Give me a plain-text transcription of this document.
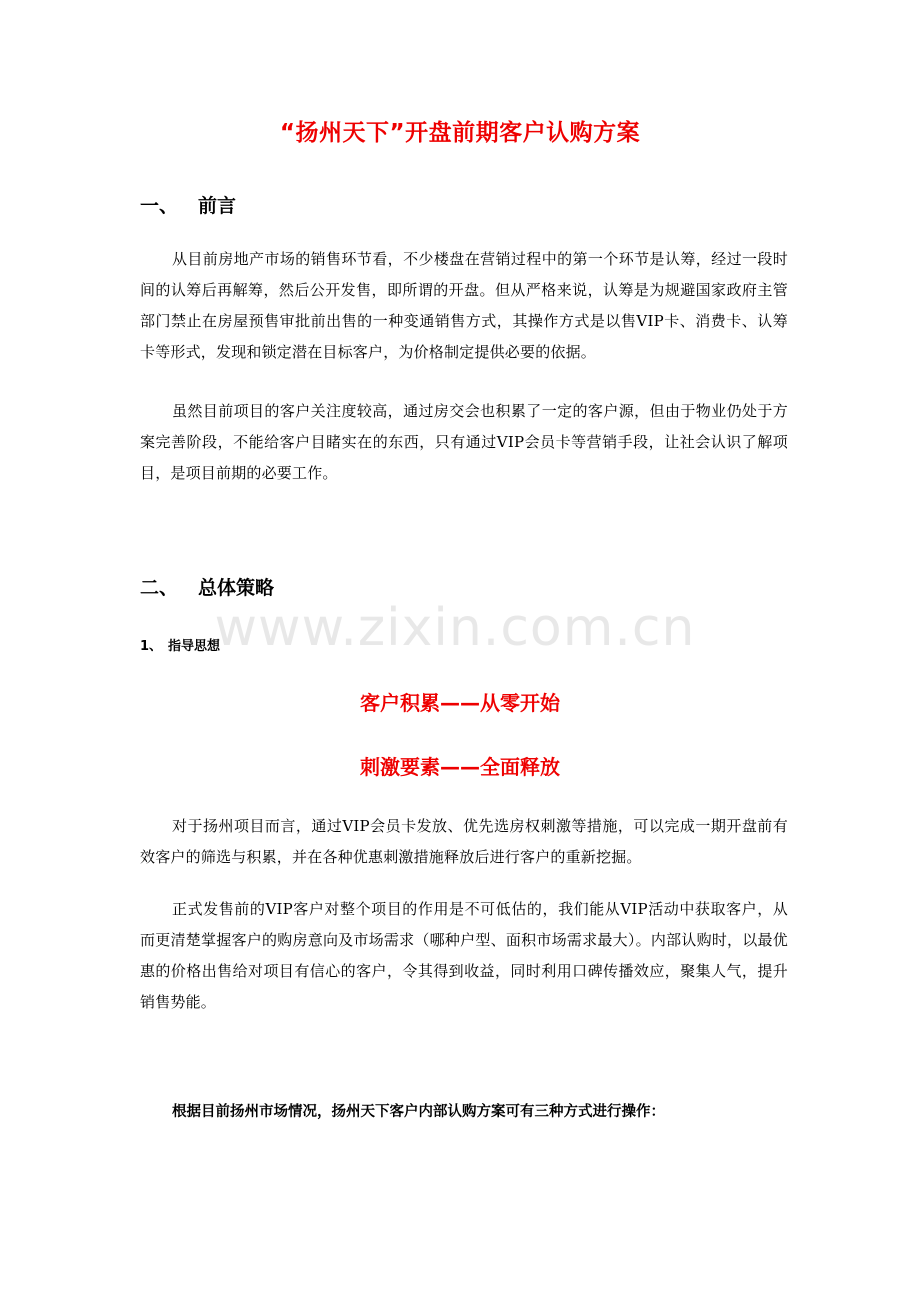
www.zixin.com.cn
“扬州天下”开盘前期客户认购方案
一、 前言
从目前房地产市场的销售环节看，不少楼盘在营销过程中的第一个环节是认筹，经过一段时间的认筹后再解筹，然后公开发售，即所谓的开盘。但从严格来说，认筹是为规避国家政府主管部门禁止在房屋预售审批前出售的一种变通销售方式，其操作方式是以售VIP卡、消费卡、认筹卡等形式，发现和锁定潜在目标客户，为价格制定提供必要的依据。
虽然目前项目的客户关注度较高，通过房交会也积累了一定的客户源，但由于物业仍处于方案完善阶段，不能给客户目睹实在的东西，只有通过VIP会员卡等营销手段，让社会认识了解项目，是项目前期的必要工作。
二、 总体策略
1、 指导思想
客户积累——从零开始
刺激要素——全面释放
对于扬州项目而言，通过VIP会员卡发放、优先选房权刺激等措施，可以完成一期开盘前有效客户的筛选与积累，并在各种优惠刺激措施释放后进行客户的重新挖掘。
正式发售前的VIP客户对整个项目的作用是不可低估的，我们能从VIP活动中获取客户，从而更清楚掌握客户的购房意向及市场需求（哪种户型、面积市场需求最大）。内部认购时，以最优惠的价格出售给对项目有信心的客户，令其得到收益，同时利用口碑传播效应，聚集人气，提升销售势能。
根据目前扬州市场情况，扬州天下客户内部认购方案可有三种方式进行操作：
